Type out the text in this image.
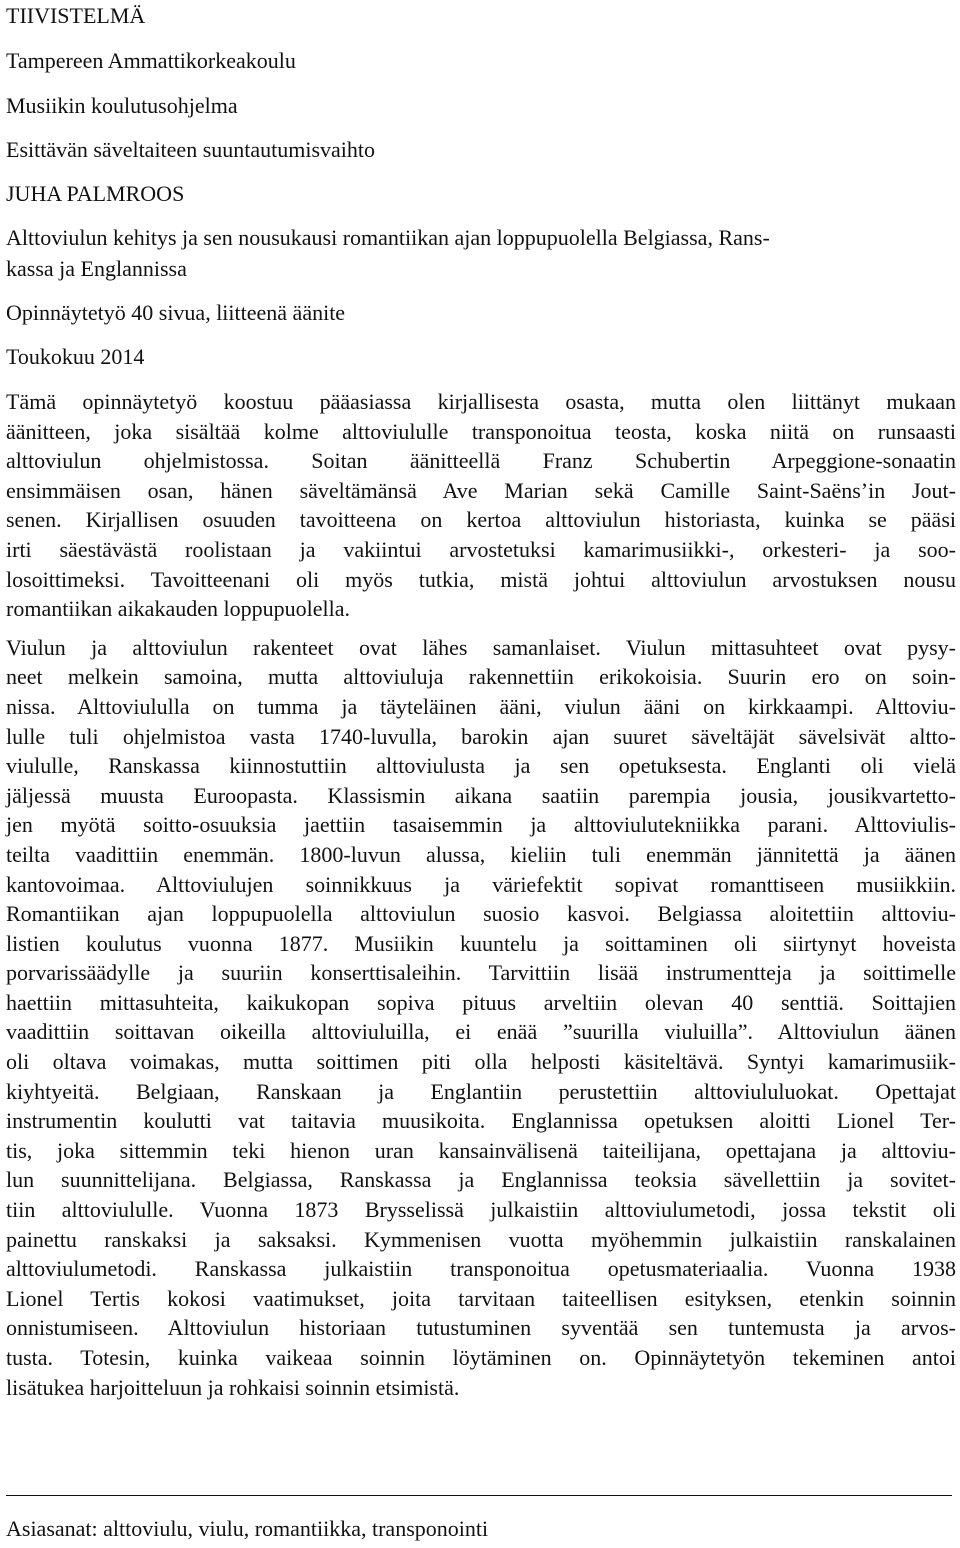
TIIVISTELMÄ

Tampereen Ammattikorkeakoulu

Musiikin koulutusohjelma

Esittävän säveltaiteen suuntautumisvaihto

JUHA PALMROOS

Alttoviulun kehitys ja sen nousukausi romantiikan ajan loppupuolella Belgiassa, Rans-

kassa ja Englannissa

Opinnäytetyö 40 sivua, liitteenä äänite

Toukokuu 2014

Tämä opinnäytetyö koostuu pääasiassa kirjallisesta osasta, mutta olen liittänyt mukaan

äänitteen, joka sisältää kolme alttoviululle transponoitua teosta, koska niitä on runsaasti

alttoviulun ohjelmistossa. Soitan äänitteellä Franz Schubertin Arpeggione-sonaatin

ensimmäisen osan, hänen säveltämänsä Ave Marian sekä Camille Saint-Saëns’in Jout-

senen. Kirjallisen osuuden tavoitteena on kertoa alttoviulun historiasta, kuinka se pääsi

irti säestävästä roolistaan ja vakiintui arvostetuksi kamarimusiikki-, orkesteri- ja soo-

losoittimeksi. Tavoitteenani oli myös tutkia, mistä johtui alttoviulun arvostuksen nousu

romantiikan aikakauden loppupuolella.

Viulun ja alttoviulun rakenteet ovat lähes samanlaiset. Viulun mittasuhteet ovat pysy-

neet melkein samoina, mutta alttoviuluja rakennettiin erikokoisia. Suurin ero on soin-

nissa. Alttoviululla on tumma ja täyteläinen ääni, viulun ääni on kirkkaampi. Alttoviu-

lulle tuli ohjelmistoa vasta 1740-luvulla, barokin ajan suuret säveltäjät sävelsivät altto-

viululle, Ranskassa kiinnostuttiin alttoviulusta ja sen opetuksesta. Englanti oli vielä

jäljessä muusta Euroopasta. Klassismin aikana saatiin parempia jousia, jousikvartetto-

jen myötä soitto-osuuksia jaettiin tasaisemmin ja alttoviulutekniikka parani. Alttoviulis-

teilta vaadittiin enemmän. 1800-luvun alussa, kieliin tuli enemmän jännitettä ja äänen

kantovoimaa. Alttoviulujen soinnikkuus ja väriefektit sopivat romanttiseen musiikkiin.

Romantiikan ajan loppupuolella alttoviulun suosio kasvoi. Belgiassa aloitettiin alttoviu-

listien koulutus vuonna 1877. Musiikin kuuntelu ja soittaminen oli siirtynyt hoveista

porvarissäädylle ja suuriin konserttisaleihin. Tarvittiin lisää instrumentteja ja soittimelle

haettiin mittasuhteita, kaikukopan sopiva pituus arveltiin olevan 40 senttiä. Soittajien

vaadittiin soittavan oikeilla alttoviuluilla, ei enää ”suurilla viuluilla”. Alttoviulun äänen

oli oltava voimakas, mutta soittimen piti olla helposti käsiteltävä. Syntyi kamarimusiik-

kiyhtyeitä. Belgiaan, Ranskaan ja Englantiin perustettiin alttoviululuokat. Opettajat

instrumentin koulutti vat taitavia muusikoita. Englannissa opetuksen aloitti Lionel Ter-

tis, joka sittemmin teki hienon uran kansainvälisenä taiteilijana, opettajana ja alttoviu-

lun suunnittelijana. Belgiassa, Ranskassa ja Englannissa teoksia sävellettiin ja sovitet-

tiin alttoviululle. Vuonna 1873 Brysselissä julkaistiin alttoviulumetodi, jossa tekstit oli

painettu ranskaksi ja saksaksi. Kymmenisen vuotta myöhemmin julkaistiin ranskalainen

alttoviulumetodi. Ranskassa julkaistiin transponoitua opetusmateriaalia. Vuonna 1938

Lionel Tertis kokosi vaatimukset, joita tarvitaan taiteellisen esityksen, etenkin soinnin

onnistumiseen. Alttoviulun historiaan tutustuminen syventää sen tuntemusta ja arvos-

tusta. Totesin, kuinka vaikeaa soinnin löytäminen on. Opinnäytetyön tekeminen antoi

lisätukea harjoitteluun ja rohkaisi soinnin etsimistä.

Asiasanat: alttoviulu, viulu, romantiikka, transponointi
